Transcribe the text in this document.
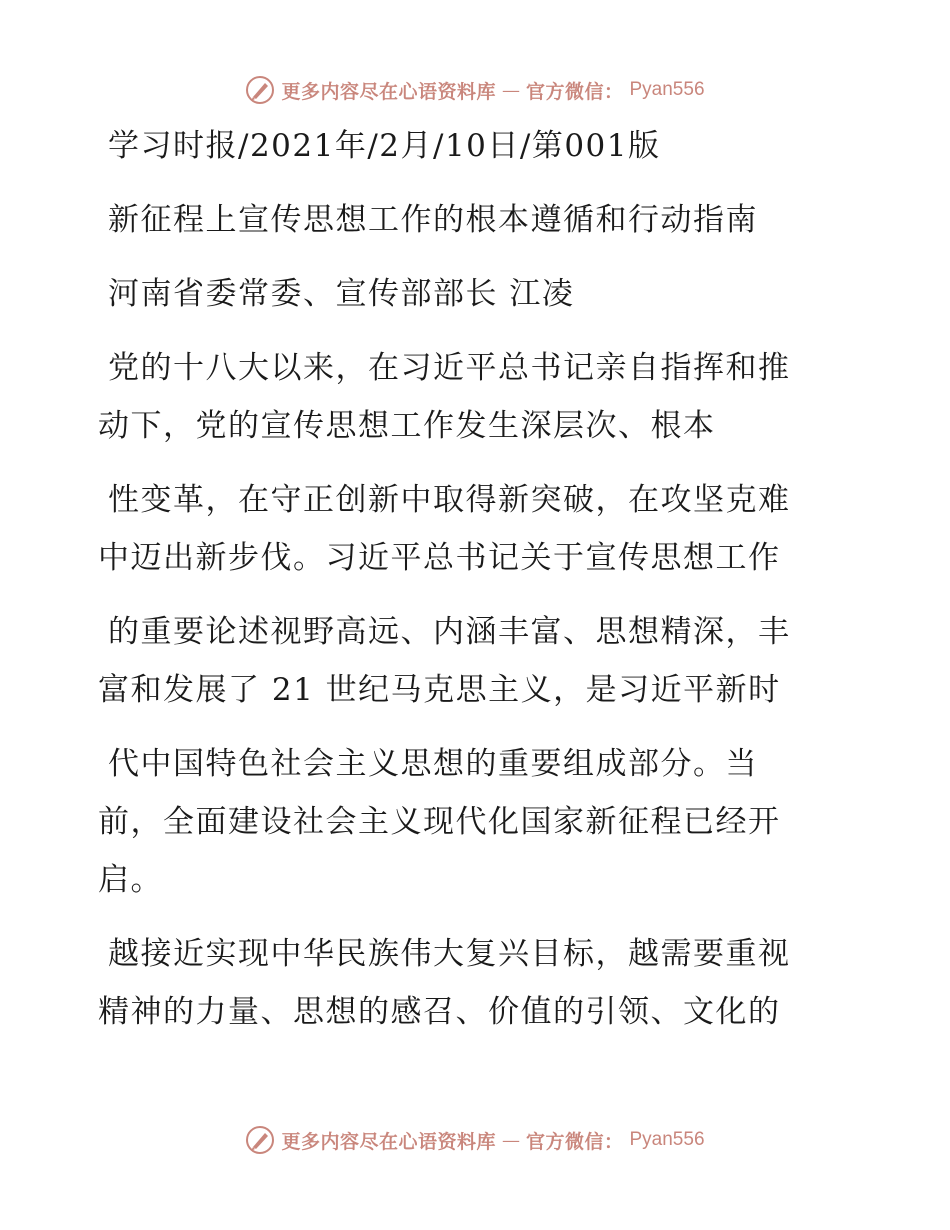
更多内容尽在心语资料库 — 官方微信： Pyan556
学习时报/2021年/2月/10日/第001版
新征程上宣传思想工作的根本遵循和行动指南
河南省委常委、宣传部部长 江凌
党的十八大以来，在习近平总书记亲自指挥和推
动下，党的宣传思想工作发生深层次、根本
性变革，在守正创新中取得新突破，在攻坚克难
中迈出新步伐。习近平总书记关于宣传思想工作
的重要论述视野高远、内涵丰富、思想精深，丰
富和发展了 21 世纪马克思主义，是习近平新时
代中国特色社会主义思想的重要组成部分。当
前，全面建设社会主义现代化国家新征程已经开
启。
越接近实现中华民族伟大复兴目标，越需要重视
精神的力量、思想的感召、价值的引领、文化的
更多内容尽在心语资料库 — 官方微信： Pyan556
